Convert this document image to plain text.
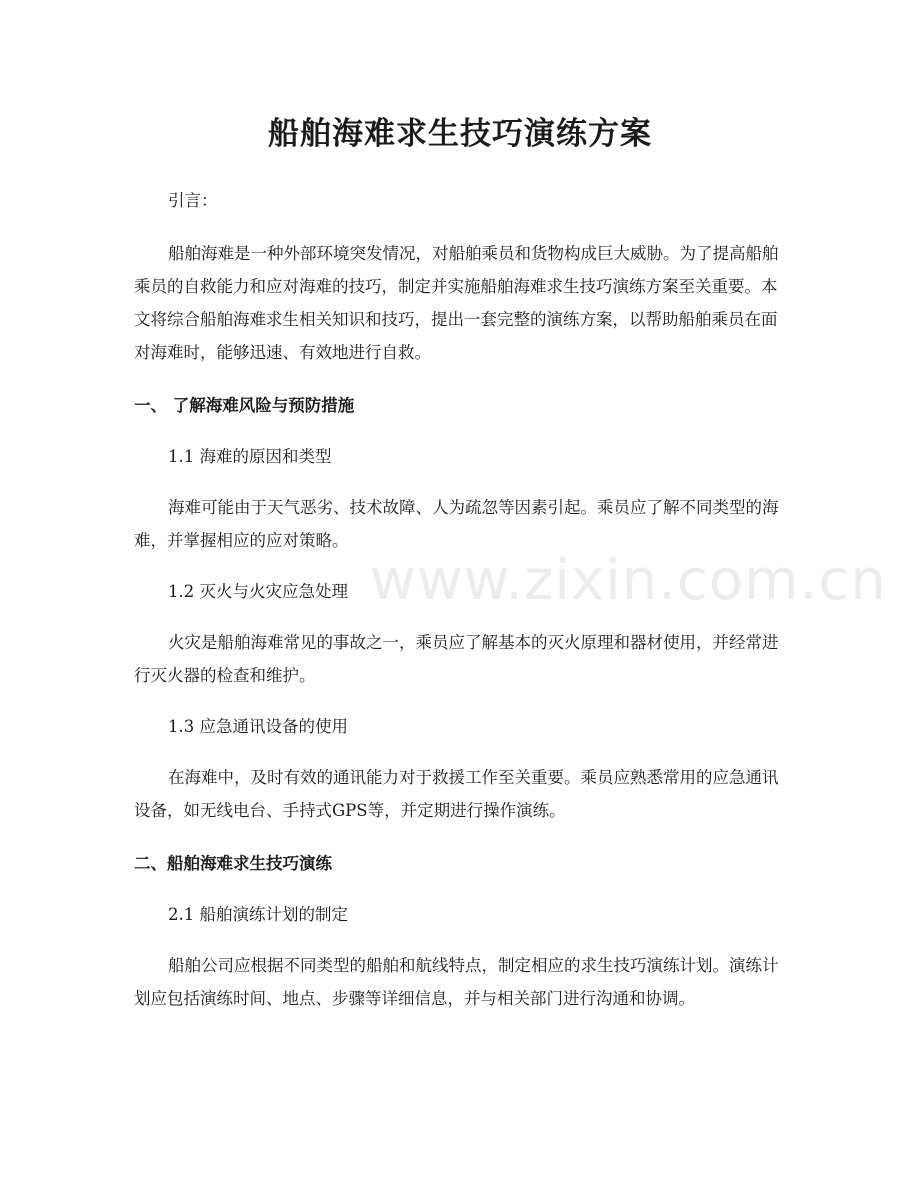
船舶海难求生技巧演练方案

引言：

船舶海难是一种外部环境突发情况，对船舶乘员和货物构成巨大威胁。为了提高船舶乘员的自救能力和应对海难的技巧，制定并实施船舶海难求生技巧演练方案至关重要。本文将综合船舶海难求生相关知识和技巧，提出一套完整的演练方案，以帮助船舶乘员在面对海难时，能够迅速、有效地进行自救。

一、 了解海难风险与预防措施

1.1 海难的原因和类型

海难可能由于天气恶劣、技术故障、人为疏忽等因素引起。乘员应了解不同类型的海难，并掌握相应的应对策略。

1.2 灭火与火灾应急处理

火灾是船舶海难常见的事故之一，乘员应了解基本的灭火原理和器材使用，并经常进行灭火器的检查和维护。

1.3 应急通讯设备的使用

在海难中，及时有效的通讯能力对于救援工作至关重要。乘员应熟悉常用的应急通讯设备，如无线电台、手持式GPS等，并定期进行操作演练。

二、船舶海难求生技巧演练

2.1 船舶演练计划的制定

船舶公司应根据不同类型的船舶和航线特点，制定相应的求生技巧演练计划。演练计划应包括演练时间、地点、步骤等详细信息，并与相关部门进行沟通和协调。

www.zixin.com.cn
